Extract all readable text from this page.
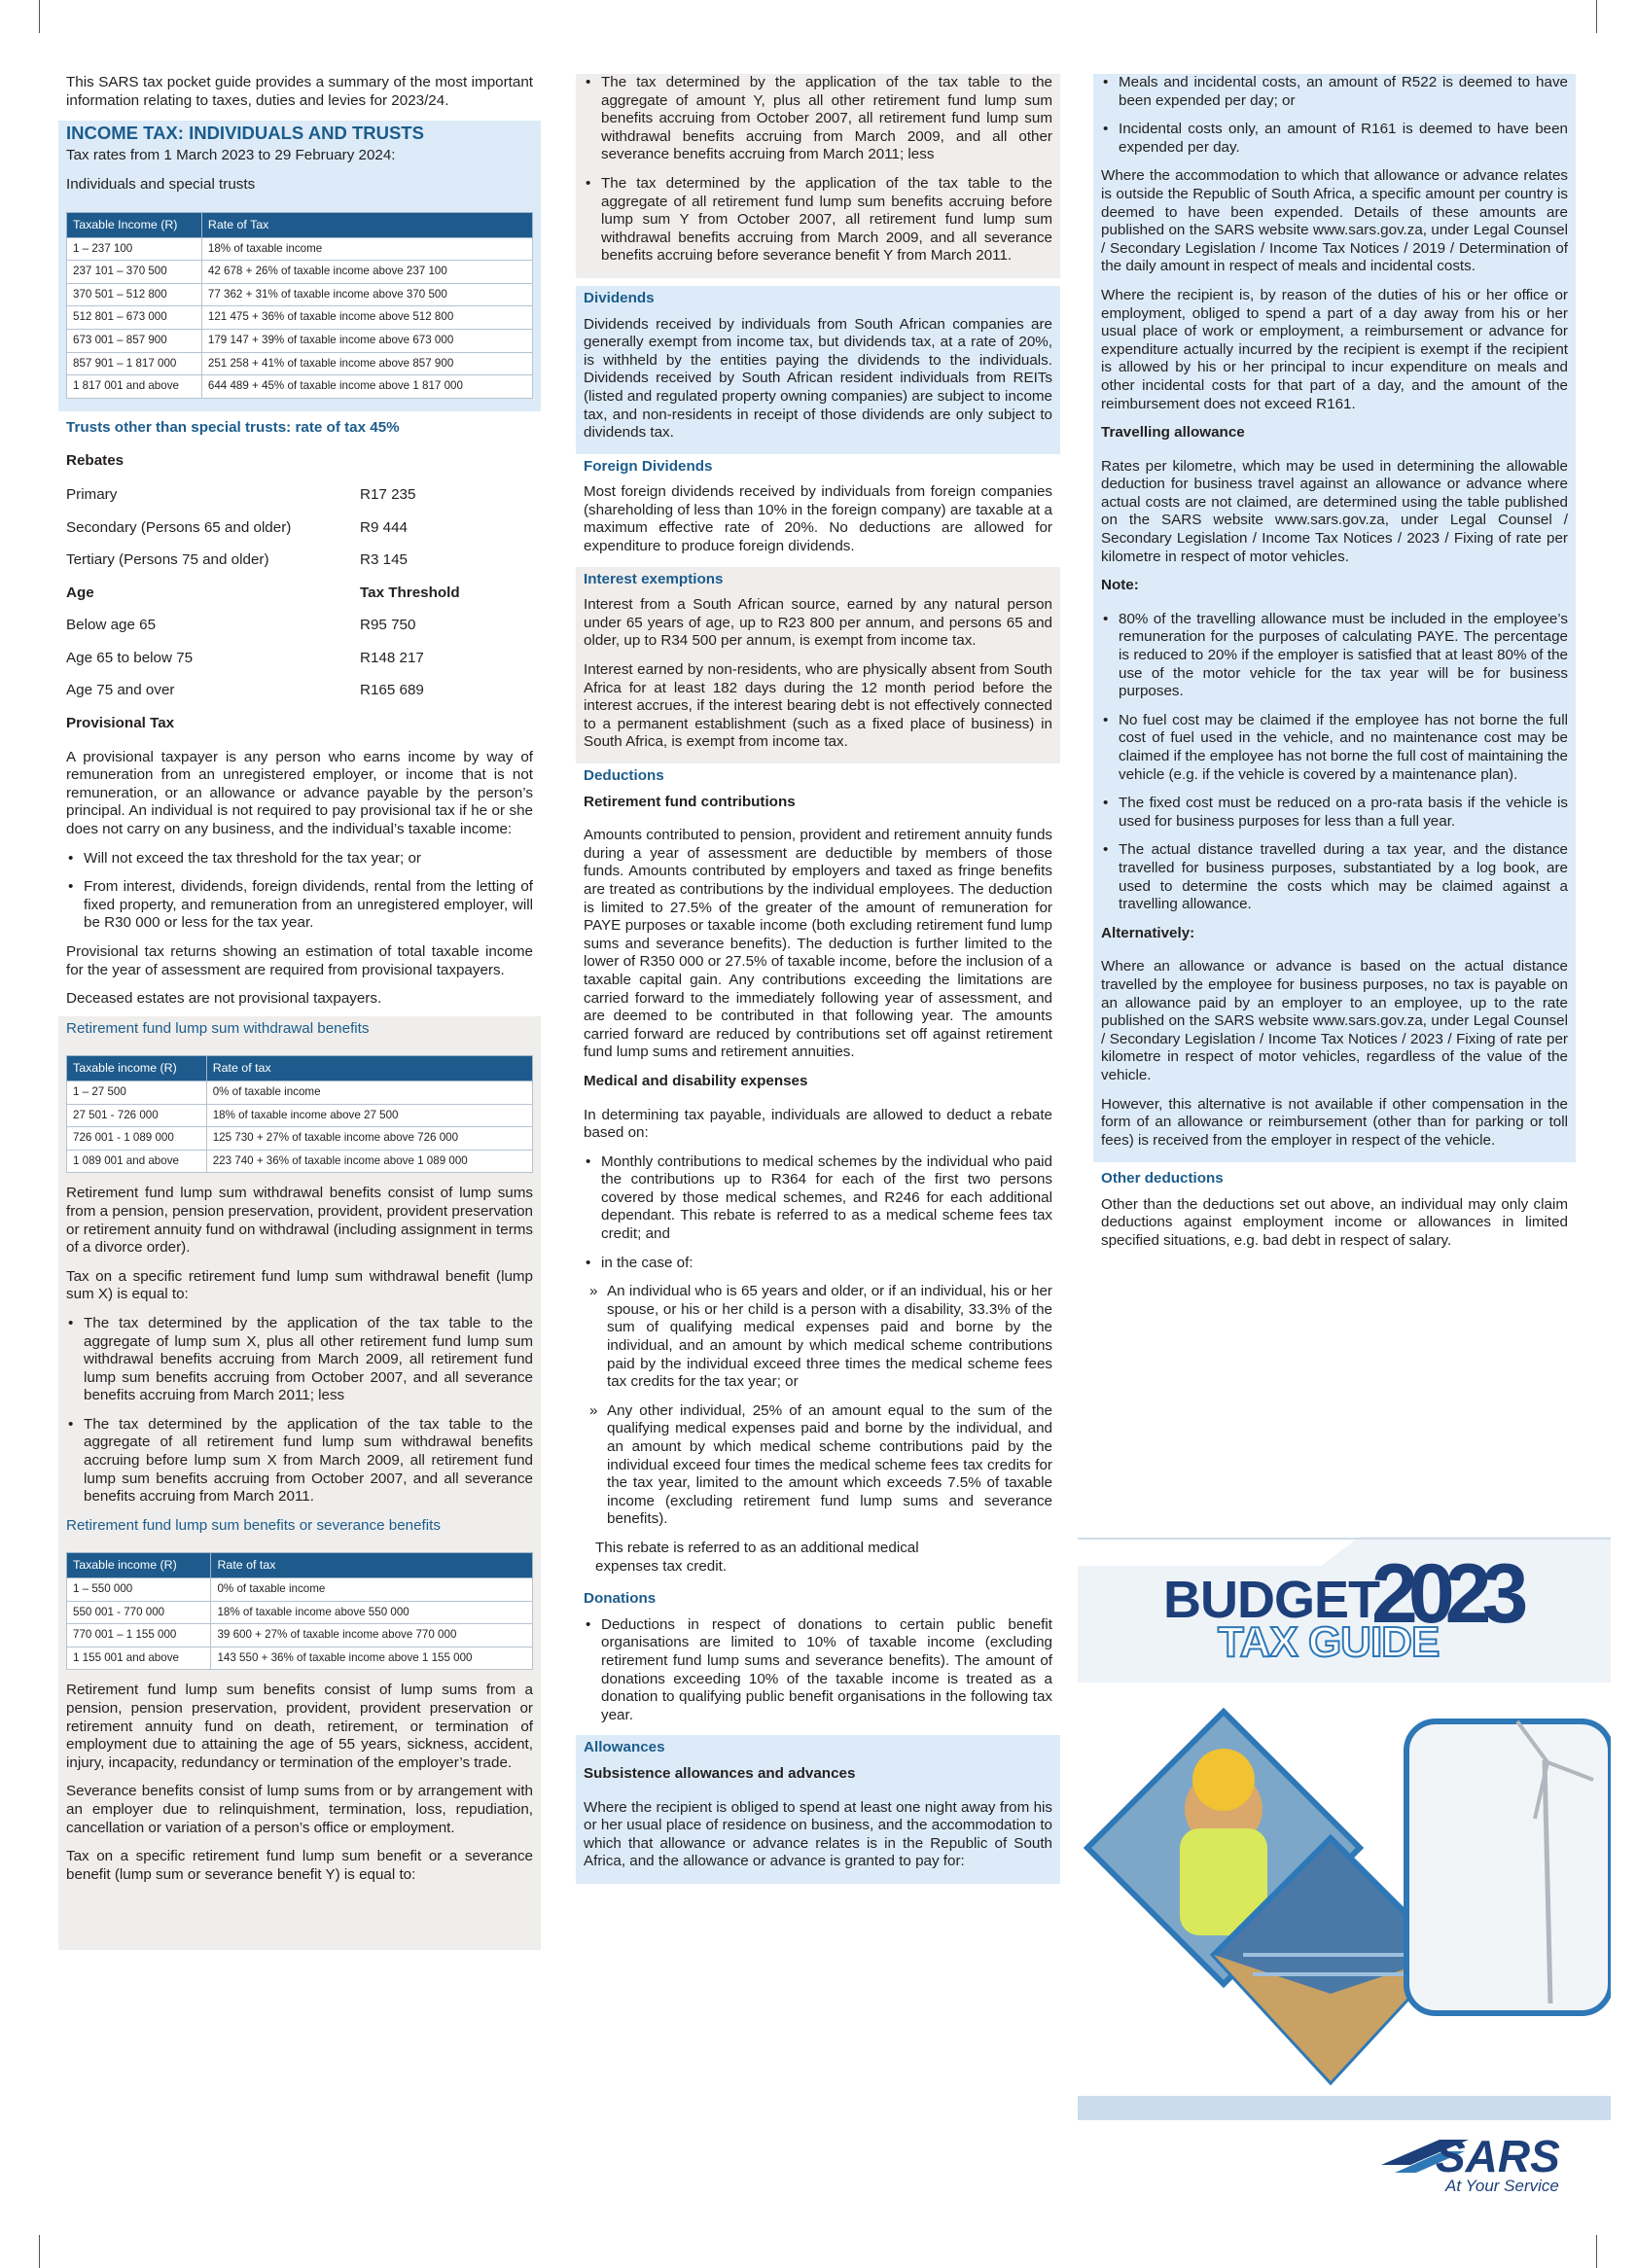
This SARS tax pocket guide provides a summary of the most important information relating to taxes, duties and levies for 2023/24.

INCOME TAX: INDIVIDUALS AND TRUSTS

Tax rates from 1 March 2023 to 29 February 2024:

Individuals and special trusts

Taxable Income (R)	Rate of Tax
1 – 237 100	18% of taxable income
237 101 – 370 500	42 678 + 26% of taxable income above 237 100
370 501 – 512 800	77 362 + 31% of taxable income above 370 500
512 801 – 673 000	121 475 + 36% of taxable income above 512 800
673 001 – 857 900	179 147 + 39% of taxable income above 673 000
857 901 – 1 817 000	251 258 + 41% of taxable income above 857 900
1 817 001 and above	644 489 + 45% of taxable income above 1 817 000
Trusts other than special trusts: rate of tax 45%
Rebates
Primary	R17 235
Secondary (Persons 65 and older)	R9 444
Tertiary (Persons 75 and older)	R3 145
Age	Tax Threshold
Below age 65	R95 750
Age 65 to below 75	R148 217
Age 75 and over	R165 689
Provisional Tax

A provisional taxpayer is any person who earns income by way of remuneration from an unregistered employer, or income that is not remuneration, or an allowance or advance payable by the person’s principal. An individual is not required to pay provisional tax if he or she does not carry on any business, and the individual’s taxable income:

• Will not exceed the tax threshold for the tax year; or
• From interest, dividends, foreign dividends, rental from the letting of fixed property, and remuneration from an unregistered employer, will be R30 000 or less for the tax year.

Provisional tax returns showing an estimation of total taxable income for the year of assessment are required from provisional taxpayers.

Deceased estates are not provisional taxpayers.

Retirement fund lump sum withdrawal benefits
Taxable income (R)	Rate of tax
1 – 27 500	0% of taxable income
27 501 - 726 000	18% of taxable income above 27 500
726 001 - 1 089 000	125 730 + 27% of taxable income above 726 000
1 089 001 and above	223 740 + 36% of taxable income above 1 089 000

Retirement fund lump sum withdrawal benefits consist of lump sums from a pension, pension preservation, provident, provident preservation or retirement annuity fund on withdrawal (including assignment in terms of a divorce order).

Tax on a specific retirement fund lump sum withdrawal benefit (lump sum X) is equal to:

• The tax determined by the application of the tax table to the aggregate of lump sum X, plus all other retirement fund lump sum withdrawal benefits accruing from March 2009, all retirement fund lump sum benefits accruing from October 2007, and all severance benefits accruing from March 2011; less
• The tax determined by the application of the tax table to the aggregate of all retirement fund lump sum withdrawal benefits accruing before lump sum X from March 2009, all retirement fund lump sum benefits accruing from October 2007, and all severance benefits accruing from March 2011.
Retirement fund lump sum benefits or severance benefits
Taxable income (R)	Rate of tax
1 – 550 000	0% of taxable income
550 001 - 770 000	18% of taxable income above 550 000
770 001 – 1 155 000	39 600 + 27% of taxable income above 770 000
1 155 001 and above	143 550 + 36% of taxable income above 1 155 000

Retirement fund lump sum benefits consist of lump sums from a pension, pension preservation, provident, provident preservation or retirement annuity fund on death, retirement, or termination of employment due to attaining the age of 55 years, sickness, accident, injury, incapacity, redundancy or termination of the employer’s trade.

Severance benefits consist of lump sums from or by arrangement with an employer due to relinquishment, termination, loss, repudiation, cancellation or variation of a person’s office or employment.

Tax on a specific retirement fund lump sum benefit or a severance benefit (lump sum or severance benefit Y) is equal to:

• The tax determined by the application of the tax table to the aggregate of amount Y, plus all other retirement fund lump sum benefits accruing from October 2007, all retirement fund lump sum withdrawal benefits accruing from March 2009, and all other severance benefits accruing from March 2011; less
• The tax determined by the application of the tax table to the aggregate of all retirement fund lump sum benefits accruing before lump sum Y from October 2007, all retirement fund lump sum withdrawal benefits accruing from March 2009, and all severance benefits accruing before severance benefit Y from March 2011.
Dividends

Dividends received by individuals from South African companies are generally exempt from income tax, but dividends tax, at a rate of 20%, is withheld by the entities paying the dividends to the individuals. Dividends received by South African resident individuals from REITs (listed and regulated property owning companies) are subject to income tax, and non-residents in receipt of those dividends are only subject to dividends tax.

Foreign Dividends

Most foreign dividends received by individuals from foreign companies (shareholding of less than 10% in the foreign company) are taxable at a maximum effective rate of 20%. No deductions are allowed for expenditure to produce foreign dividends.

Interest exemptions

Interest from a South African source, earned by any natural person under 65 years of age, up to R23 800 per annum, and persons 65 and older, up to R34 500 per annum, is exempt from income tax.

Interest earned by non-residents, who are physically absent from South Africa for at least 182 days during the 12 month period before the interest accrues, if the interest bearing debt is not effectively connected to a permanent establishment (such as a fixed place of business) in South Africa, is exempt from income tax.

Deductions
Retirement fund contributions

Amounts contributed to pension, provident and retirement annuity funds during a year of assessment are deductible by members of those funds. Amounts contributed by employers and taxed as fringe benefits are treated as contributions by the individual employees. The deduction is limited to 27.5% of the greater of the amount of remuneration for PAYE purposes or taxable income (both excluding retirement fund lump sums and severance benefits). The deduction is further limited to the lower of R350 000 or 27.5% of taxable income, before the inclusion of a taxable capital gain. Any contributions exceeding the limitations are carried forward to the immediately following year of assessment, and are deemed to be contributed in that following year. The amounts carried forward are reduced by contributions set off against retirement fund lump sums and retirement annuities.

Medical and disability expenses

In determining tax payable, individuals are allowed to deduct a rebate based on:

• Monthly contributions to medical schemes by the individual who paid the contributions up to R364 for each of the first two persons covered by those medical schemes, and R246 for each additional dependant. This rebate is referred to as a medical scheme fees tax credit; and
• in the case of:
» An individual who is 65 years and older, or if an individual, his or her spouse, or his or her child is a person with a disability, 33.3% of the sum of qualifying medical expenses paid and borne by the individual, and an amount by which medical scheme contributions paid by the individual exceed three times the medical scheme fees tax credits for the tax year; or
» Any other individual, 25% of an amount equal to the sum of the qualifying medical expenses paid and borne by the individual, and an amount by which medical scheme contributions paid by the individual exceed four times the medical scheme fees tax credits for the tax year, limited to the amount which exceeds 7.5% of taxable income (excluding retirement fund lump sums and severance benefits).

This rebate is referred to as an additional medical expenses tax credit.

Donations
• Deductions in respect of donations to certain public benefit organisations are limited to 10% of taxable income (excluding retirement fund lump sums and severance benefits). The amount of donations exceeding 10% of the taxable income is treated as a donation to qualifying public benefit organisations in the following tax year.
Allowances
Subsistence allowances and advances

Where the recipient is obliged to spend at least one night away from his or her usual place of residence on business, and the accommodation to which that allowance or advance relates is in the Republic of South Africa, and the allowance or advance is granted to pay for:

• Meals and incidental costs, an amount of R522 is deemed to have been expended per day; or
• Incidental costs only, an amount of R161 is deemed to have been expended per day.

Where the accommodation to which that allowance or advance relates is outside the Republic of South Africa, a specific amount per country is deemed to have been expended. Details of these amounts are published on the SARS website www.sars.gov.za, under Legal Counsel / Secondary Legislation / Income Tax Notices / 2019 / Determination of the daily amount in respect of meals and incidental costs.

Where the recipient is, by reason of the duties of his or her office or employment, obliged to spend a part of a day away from his or her usual place of work or employment, a reimbursement or advance for expenditure actually incurred by the recipient is exempt if the recipient is allowed by his or her principal to incur expenditure on meals and other incidental costs for that part of a day, and the amount of the reimbursement does not exceed R161.

Travelling allowance

Rates per kilometre, which may be used in determining the allowable deduction for business travel against an allowance or advance where actual costs are not claimed, are determined using the table published on the SARS website www.sars.gov.za, under Legal Counsel / Secondary Legislation / Income Tax Notices / 2023 / Fixing of rate per kilometre in respect of motor vehicles.

Note:
• 80% of the travelling allowance must be included in the employee’s remuneration for the purposes of calculating PAYE. The percentage is reduced to 20% if the employer is satisfied that at least 80% of the use of the motor vehicle for the tax year will be for business purposes.
• No fuel cost may be claimed if the employee has not borne the full cost of fuel used in the vehicle, and no maintenance cost may be claimed if the employee has not borne the full cost of maintaining the vehicle (e.g. if the vehicle is covered by a maintenance plan).
• The fixed cost must be reduced on a pro-rata basis if the vehicle is used for business purposes for less than a full year.
• The actual distance travelled during a tax year, and the distance travelled for business purposes, substantiated by a log book, are used to determine the costs which may be claimed against a travelling allowance.
Alternatively:

Where an allowance or advance is based on the actual distance travelled by the employee for business purposes, no tax is payable on an allowance paid by an employer to an employee, up to the rate published on the SARS website www.sars.gov.za, under Legal Counsel / Secondary Legislation / Income Tax Notices / 2023 / Fixing of rate per kilometre in respect of motor vehicles, regardless of the value of the vehicle.

However, this alternative is not available if other compensation in the form of an allowance or reimbursement (other than for parking or toll fees) is received from the employer in respect of the vehicle.

Other deductions

Other than the deductions set out above, an individual may only claim deductions against employment income or allowances in limited specified situations, e.g. bad debt in respect of salary.

BUDGET
2023
TAX GUIDE
SARS
At Your Service
